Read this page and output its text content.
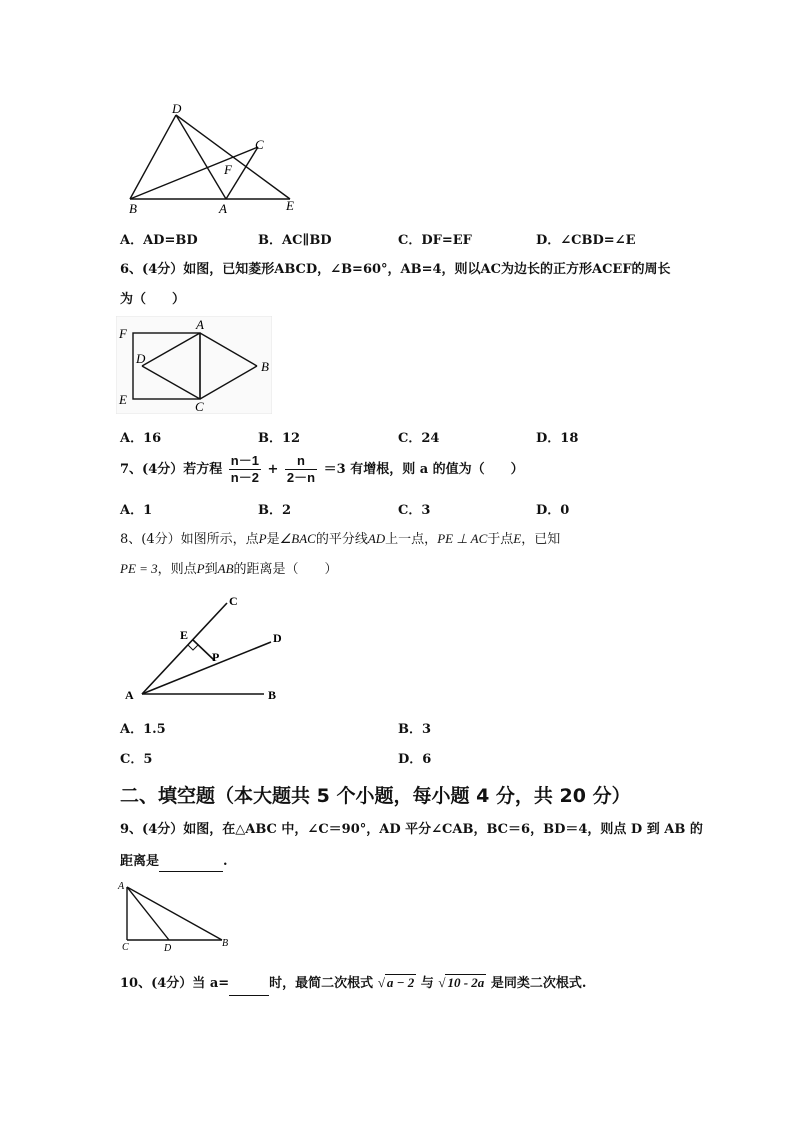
D
C
F
B	A	E
A．AD=BD	B．AC∥BD	C．DF=EF	D．∠CBD=∠E
6、(4分）如图，已知菱形ABCD，∠B=60°，AB=4，则以AC为边长的正方形ACEF的周长
为（　　）
F
A
D
B
E	C
A．16	B．12	C．24	D．18
7、(4分）若方程 $\frac{n-1}{n-2} + \frac{n}{2-n} =3$ 有增根，则 a 的值为（　　）
A．1	B．2	C．3	D．0
8、(4分）如图所示，点P是∠BAC的平分线AD上一点，PE ⊥ AC于点E，已知
PE = 3，则点P到AB的距离是（　　）
C
E	D
P
A	B
A．1.5	B．3
C．5	D．6
二、填空题（本大题共 5 个小题，每小题 4 分，共 20 分）
9、(4分）如图，在△ABC 中，∠C＝90°，AD 平分∠CAB，BC＝6，BD＝4，则点 D 到 AB 的
距离是	.
A
C	D	B
10、(4分）当 a=	时，最简二次根式 √ a − 2 与 √ 10 - 2a 是同类二次根式.
